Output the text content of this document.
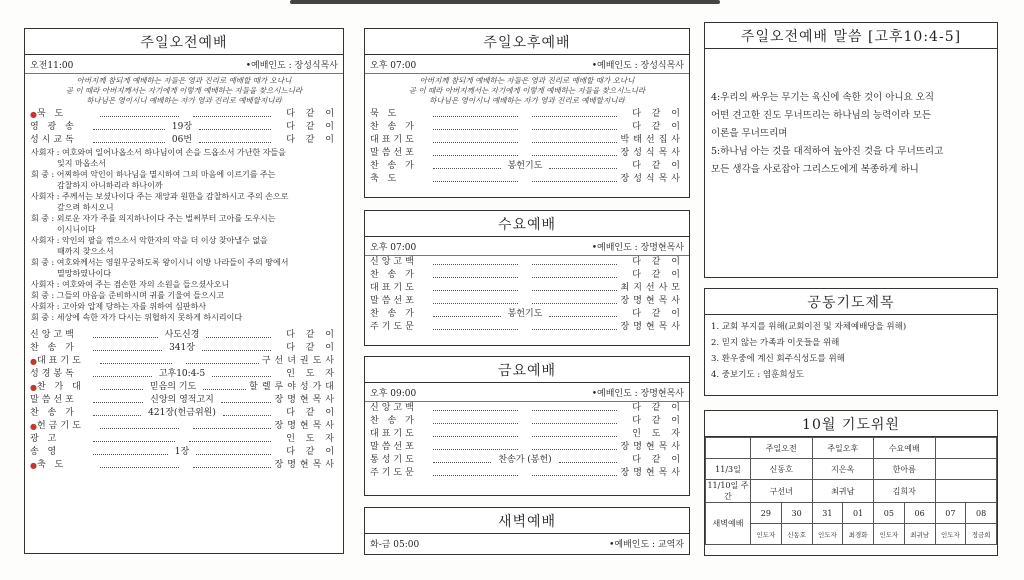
주일오전예배
오전11:00	•예배인도 : 장성식목사
아버지께 참되게 예배하는 자들은 영과 진리로 예배할 때가 오나니
곧 이 때라 아버지께서는 자기에게 이렇게 예배하는 자들을 찾으시느니라
하나님은 영이시니 예배하는 자가 영과 진리로 예배할지니라
● 묵 도	다 같 이
영 광 송	19장	다 같 이
성시교독	06번	다 같 이
사회자 : 여호와여 일어나옵소서 하나님이여 손을 드옵소서 가난한 자들을
잊지 마옵소서
회 중 : 어찌하여 악인이 하나님을 멸시하여 그의 마음에 이르기를 주는
감찰하지 아니하리라 하나이까
사회자 : 주께서는 보셨나이다 주는 재앙과 원한을 감찰하시고 주의 손으로
갚으려 하시오니
회 중 : 외로운 자가 주를 의지하나이다 주는 벌써부터 고아를 도우시는
이시니이다
사회자 : 악인의 팔을 꺾으소서 악한자의 악을 더 이상 찾아낼수 없을
때까지 찾으소서
회 중 : 여호와께서는 영원무궁하도록 왕이시니 이방 나라들이 주의 땅에서
멸망하였나이다
사회자 : 여호와여 주는 겸손한 자의 소원을 들으셨사오니
회 중 : 그들의 마음을 준비하시며 귀를 기울여 들으시고
사회자 : 고아와 압제 당하는 자를 위하여 심판하사
회 중 : 세상에 속한 자가 다시는 위협하지 못하게 하시리이다
신앙고백	사도신경	다 같 이
찬 송 가	341장	다 같 이
● 대표기도	구선녀권도사
성경봉독	고후10:4-5	인 도 자
● 찬 가 대	믿음의 기도	할렐루야성가대
말씀선포	신앙의 영적고지	장명현목사
찬 송 가	421장(헌금위원)	다 같 이
● 헌금기도	장명현목사
광 고	인 도 자
송 영	1장	다 같 이
● 축 도	장명현목사
주일오후예배
오후 07:00	•예배인도 : 장성식목사
아버지께 참되게 예배하는 자들은 영과 진리로 예배할 때가 오나니
곧 이 때라 아버지께서는 자기에게 이렇게 예배하는 자들을 찾으시느니라
하나님은 영이시니 예배하는 자가 영과 진리로 예배할지니라
묵 도	다 같 이
찬 송 가	다 같 이
대표기도	박태선집사
말씀선포	장성식목사
찬 송 가	봉헌기도	다 같 이
축 도	장성식목사
수요예배
오후 07:00	•예배인도 : 장명현목사
신앙고백	다 같 이
찬 송 가	다 같 이
대표기도	최지선사모
말씀선포	장명현목사
찬 송 가	봉헌기도	다 같 이
주기도문	장명현목사
금요예배
오후 09:00	•예배인도 : 장명현목사
신앙고백	다 같 이
찬 송 가	다 같 이
대표기도	인 도 자
말씀선포	장명현목사
통성기도	찬송가 (봉헌)	다 같 이
주기도문	장명현목사
새벽예배
화-금 05:00	•예배인도 : 교역자
주일오전예배 말씀 [고후10:4-5]
4:우리의 싸우는 무기는 육신에 속한 것이 아니요 오직
어떤 견고한 진도 무너뜨리는 하나님의 능력이라 모든
이론을 무너뜨리며
5:하나님 아는 것을 대적하여 높아진 것을 다 무너뜨리고
모든 생각을 사로잡아 그리스도에게 복종하게 하니
공동기도제목
1. 교회 부지를 위해(교회이전 및 자체예배당을 위해)
2. 믿지 않는 가족과 이웃들을 위해
3. 환우중에 계신 회주식성도를 위해
4. 중보기도 : 염훈희성도
10월 기도위원
	주일오전		주일오후		수요예배			
11/3일	신동호		지은옥		한아름			
11/10일 주간	구선녀		최귀남		김희자			
새벽예배	29	30	31	01	05	06	07	08
	인도자	신동호	인도자	최경화	인도자	최귀남	인도자	정금희
